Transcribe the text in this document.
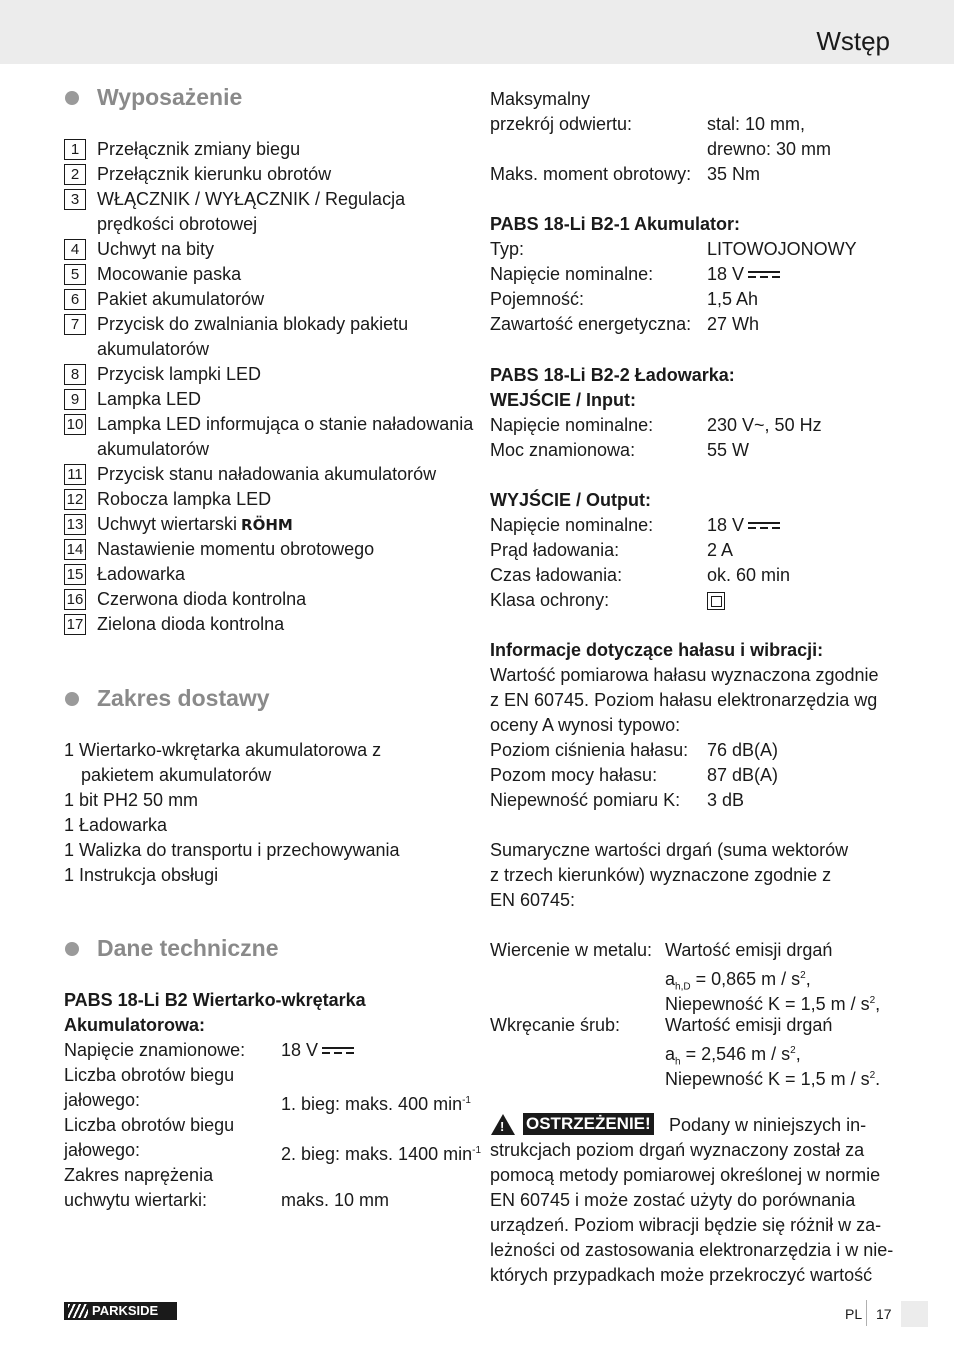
Wstęp
Wyposażenie
1 Przełącznik zmiany biegu
2 Przełącznik kierunku obrotów
3 WŁĄCZNIK / WYŁĄCZNIK / Regulacja
prędkości obrotowej
4 Uchwyt na bity
5 Mocowanie paska
6 Pakiet akumulatorów
7 Przycisk do zwalniania blokady pakietu
akumulatorów
8 Przycisk lampki LED
9 Lampka LED
10 Lampka LED informująca o stanie naładowania
akumulatorów
11 Przycisk stanu naładowania akumulatorów
12 Robocza lampka LED
13 Uchwyt wiertarski RÖHM
14 Nastawienie momentu obrotowego
15 Ładowarka
16 Czerwona dioda kontrolna
17 Zielona dioda kontrolna
Zakres dostawy
1 Wiertarko-wkrętarka akumulatorowa z
pakietem akumulatorów
1 bit PH2 50 mm
1 Ładowarka
1 Walizka do transportu i przechowywania
1 Instrukcja obsługi
Dane techniczne
PABS 18-Li B2 Wiertarko-wkrętarka
Akumulatorowa:
Napięcie znamionowe: 18 V
Liczba obrotów biegu
jałowego:	1. bieg: maks. 400 $\min^{-1}$
Liczba obrotów biegu
jałowego:	2. bieg: maks. 1400 $\min^{-1}$
Zakres naprężenia
uchwytu wiertarki:	maks. 10 mm
Maksymalny
przekrój odwiertu:	stal: 10 mm,
drewno: 30 mm
Maks. moment obrotowy: 35 Nm
PABS 18-Li B2-1 Akumulator:
Typ:	LITOWOJONOWY
Napięcie nominalne:	18 V
Pojemność:	1,5 Ah
Zawartość energetyczna: 27 Wh
PABS 18-Li B2-2 Ładowarka:
WEJŚCIE / Input:
Napięcie nominalne:	230 V~, 50 Hz
Moc znamionowa:	55 W
WYJŚCIE / Output:
Napięcie nominalne:	18 V
Prąd ładowania:	2 A
Czas ładowania:	ok. 60 min
Klasa ochrony:
Informacje dotyczące hałasu i wibracji:
Wartość pomiarowa hałasu wyznaczona zgodnie
z EN 60745. Poziom hałasu elektronarzędzia wg
oceny A wynosi typowo:
Poziom ciśnienia hałasu: 76 dB(A)
Pozom mocy hałasu:	87 dB(A)
Niepewność pomiaru K: 3 dB
Sumaryczne wartości drgań (suma wektorów
z trzech kierunków) wyznaczone zgodnie z
EN 60745:
Wiercenie w metalu: Wartość emisji drgań
$a_{h,D} = 0,865$ m / $s^2$,
Niepewność K = 1,5 m / $s^2$,
Wkręcanie śrub: Wartość emisji drgań
$a_h = 2,546$ m / $s^2$,
Niepewność K = 1,5 m / $s^2$.
! OSTRZEŻENIE! Podany w niniejszych in-
strukcjach poziom drgań wyznaczony został za
pomocą metody pomiarowej określonej w normie
EN 60745 i może zostać użyty do porównania
urządzeń. Poziom wibracji będzie się różnił w za-
leżności od zastosowania elektronarzędzia i w nie-
których przypadkach może przekroczyć wartość
PARKSIDE	PL 17
